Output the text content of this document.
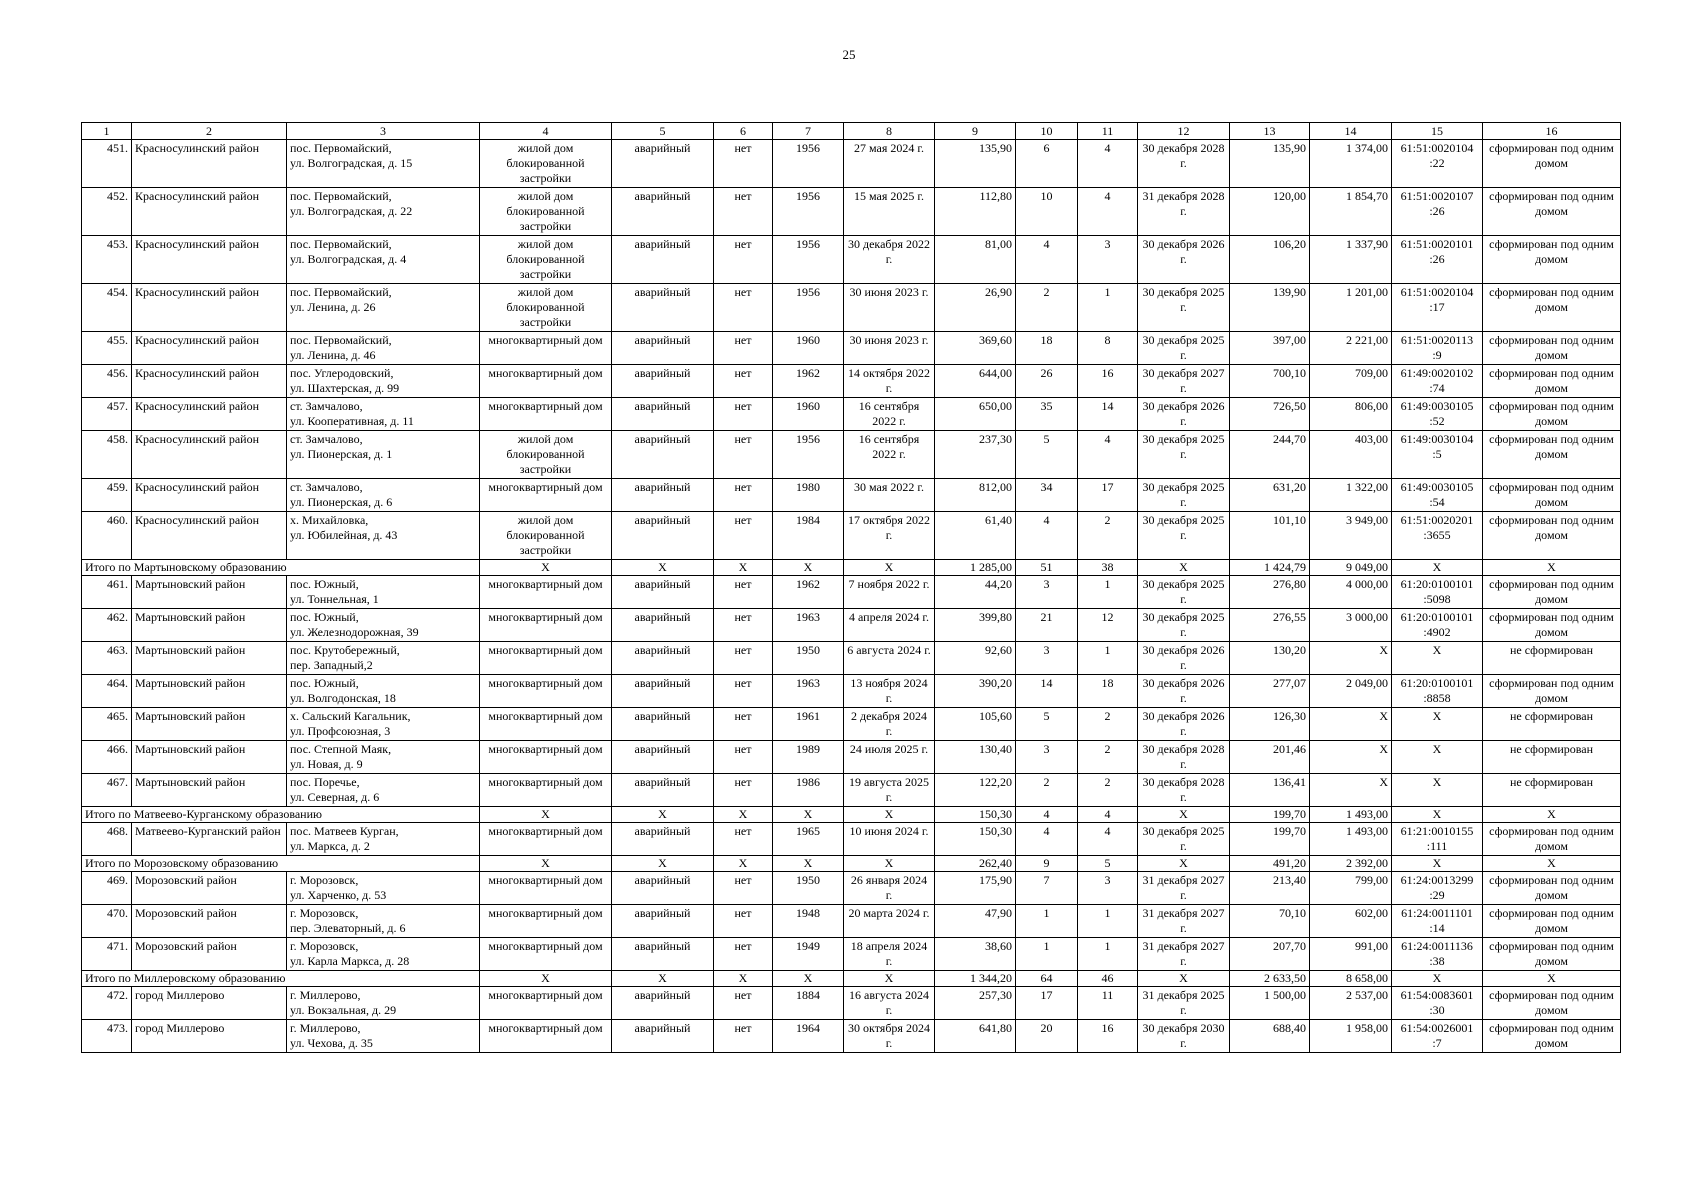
25
1	2	3	4	5	6	7	8	9	10	11	12	13	14	15	16
451.	Красносулинский район	пос. Первомайский,
ул. Волгоградская, д. 15	жилой дом блокированной застройки	аварийный	нет	1956	27 мая 2024 г.	135,90	6	4	30 декабря 2028 г.	135,90	1 374,00	61:51:0020104 :22	сформирован под одним домом
452.	Красносулинский район	пос. Первомайский,
ул. Волгоградская, д. 22	жилой дом блокированной застройки	аварийный	нет	1956	15 мая 2025 г.	112,80	10	4	31 декабря 2028 г.	120,00	1 854,70	61:51:0020107 :26	сформирован под одним домом
453.	Красносулинский район	пос. Первомайский,
ул. Волгоградская, д. 4	жилой дом блокированной застройки	аварийный	нет	1956	30 декабря 2022 г.	81,00	4	3	30 декабря 2026 г.	106,20	1 337,90	61:51:0020101 :26	сформирован под одним домом
454.	Красносулинский район	пос. Первомайский,
ул. Ленина, д. 26	жилой дом блокированной застройки	аварийный	нет	1956	30 июня 2023 г.	26,90	2	1	30 декабря 2025 г.	139,90	1 201,00	61:51:0020104 :17	сформирован под одним домом
455.	Красносулинский район	пос. Первомайский,
ул. Ленина, д. 46	многоквартирный дом	аварийный	нет	1960	30 июня 2023 г.	369,60	18	8	30 декабря 2025 г.	397,00	2 221,00	61:51:0020113 :9	сформирован под одним домом
456.	Красносулинский район	пос. Углеродовский,
ул. Шахтерская, д. 99	многоквартирный дом	аварийный	нет	1962	14 октября 2022 г.	644,00	26	16	30 декабря 2027 г.	700,10	709,00	61:49:0020102 :74	сформирован под одним домом
457.	Красносулинский район	ст. Замчалово,
ул. Кооперативная, д. 11	многоквартирный дом	аварийный	нет	1960	16 сентября 2022 г.	650,00	35	14	30 декабря 2026 г.	726,50	806,00	61:49:0030105 :52	сформирован под одним домом
458.	Красносулинский район	ст. Замчалово,
ул. Пионерская, д. 1	жилой дом блокированной застройки	аварийный	нет	1956	16 сентября 2022 г.	237,30	5	4	30 декабря 2025 г.	244,70	403,00	61:49:0030104 :5	сформирован под одним домом
459.	Красносулинский район	ст. Замчалово,
ул. Пионерская, д. 6	многоквартирный дом	аварийный	нет	1980	30 мая 2022 г.	812,00	34	17	30 декабря 2025 г.	631,20	1 322,00	61:49:0030105 :54	сформирован под одним домом
460.	Красносулинский район	х. Михайловка,
ул. Юбилейная, д. 43	жилой дом блокированной застройки	аварийный	нет	1984	17 октября 2022 г.	61,40	4	2	30 декабря 2025 г.	101,10	3 949,00	61:51:0020201 :3655	сформирован под одним домом
Итого по Мартыновскому образованию			X	X	X	X	X	1 285,00	51	38	X	1 424,79	9 049,00	X	X
461.	Мартыновский район	пос. Южный,
ул. Тоннельная, 1	многоквартирный дом	аварийный	нет	1962	7 ноября 2022 г.	44,20	3	1	30 декабря 2025 г.	276,80	4 000,00	61:20:0100101 :5098	сформирован под одним домом
462.	Мартыновский район	пос. Южный,
ул. Железнодорожная, 39	многоквартирный дом	аварийный	нет	1963	4 апреля 2024 г.	399,80	21	12	30 декабря 2025 г.	276,55	3 000,00	61:20:0100101 :4902	сформирован под одним домом
463.	Мартыновский район	пос. Крутобережный,
пер. Западный,2	многоквартирный дом	аварийный	нет	1950	6 августа 2024 г.	92,60	3	1	30 декабря 2026 г.	130,20	X	X	не сформирован
464.	Мартыновский район	пос. Южный,
ул. Волгодонская, 18	многоквартирный дом	аварийный	нет	1963	13 ноября 2024 г.	390,20	14	18	30 декабря 2026 г.	277,07	2 049,00	61:20:0100101 :8858	сформирован под одним домом
465.	Мартыновский район	х. Сальский Кагальник,
ул. Профсоюзная, 3	многоквартирный дом	аварийный	нет	1961	2 декабря 2024 г.	105,60	5	2	30 декабря 2026 г.	126,30	X	X	не сформирован
466.	Мартыновский район	пос. Степной Маяк,
ул. Новая, д. 9	многоквартирный дом	аварийный	нет	1989	24 июля 2025 г.	130,40	3	2	30 декабря 2028 г.	201,46	X	X	не сформирован
467.	Мартыновский район	пос. Поречье,
ул. Северная, д. 6	многоквартирный дом	аварийный	нет	1986	19 августа 2025 г.	122,20	2	2	30 декабря 2028 г.	136,41	X	X	не сформирован
Итого по Матвеево-Курганскому образованию			X	X	X	X	X	150,30	4	4	X	199,70	1 493,00	X	X
468.	Матвеево-Курганский район	пос. Матвеев Курган,
ул. Маркса, д. 2	многоквартирный дом	аварийный	нет	1965	10 июня 2024 г.	150,30	4	4	30 декабря 2025 г.	199,70	1 493,00	61:21:0010155 :111	сформирован под одним домом
Итого по Морозовскому образованию			X	X	X	X	X	262,40	9	5	X	491,20	2 392,00	X	X
469.	Морозовский район	г. Морозовск,
ул. Харченко, д. 53	многоквартирный дом	аварийный	нет	1950	26 января 2024 г.	175,90	7	3	31 декабря 2027 г.	213,40	799,00	61:24:0013299 :29	сформирован под одним домом
470.	Морозовский район	г. Морозовск,
пер. Элеваторный, д. 6	многоквартирный дом	аварийный	нет	1948	20 марта 2024 г.	47,90	1	1	31 декабря 2027 г.	70,10	602,00	61:24:0011101 :14	сформирован под одним домом
471.	Морозовский район	г. Морозовск,
ул. Карла Маркса, д. 28	многоквартирный дом	аварийный	нет	1949	18 апреля 2024 г.	38,60	1	1	31 декабря 2027 г.	207,70	991,00	61:24:0011136 :38	сформирован под одним домом
Итого по Миллеровскому образованию			X	X	X	X	X	1 344,20	64	46	X	2 633,50	8 658,00	X	X
472.	город Миллерово	г. Миллерово,
ул. Вокзальная, д. 29	многоквартирный дом	аварийный	нет	1884	16 августа 2024 г.	257,30	17	11	31 декабря 2025 г.	1 500,00	2 537,00	61:54:0083601 :30	сформирован под одним домом
473.	город Миллерово	г. Миллерово,
ул. Чехова, д. 35	многоквартирный дом	аварийный	нет	1964	30 октября 2024 г.	641,80	20	16	30 декабря 2030 г.	688,40	1 958,00	61:54:0026001 :7	сформирован под одним домом
